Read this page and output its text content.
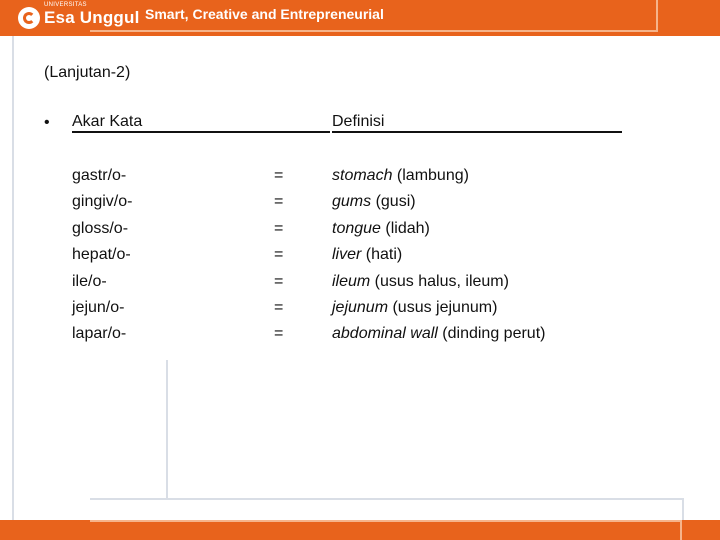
Esa Unggul
UNIVERSITAS
Smart, Creative and Entrepreneurial
(Lanjutan-2)
• Akar Kata	Definisi
gastr/o-	=	stomach (lambung)
gingiv/o-	=	gums (gusi)
gloss/o-	=	tongue (lidah)
hepat/o-	=	liver (hati)
ile/o-	=	ileum (usus halus, ileum)
jejun/o-	=	jejunum (usus jejunum)
lapar/o-	=	abdominal wall (dinding perut)
